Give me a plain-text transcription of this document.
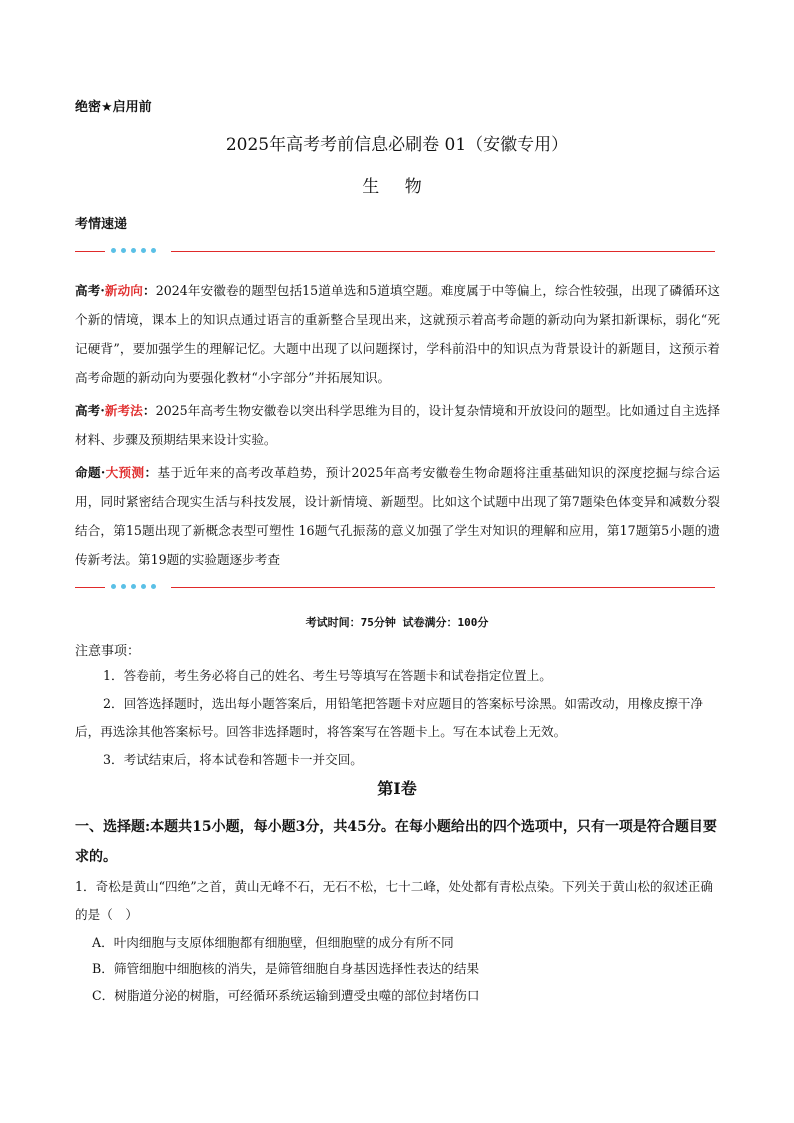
绝密★启用前
2025年高考考前信息必刷卷 01（安徽专用）
生 物
考情速递
高考·新动向：2024年安徽卷的题型包括15道单选和5道填空题。难度属于中等偏上，综合性较强，出现了磷循环这个新的情境，课本上的知识点通过语言的重新整合呈现出来，这就预示着高考命题的新动向为紧扣新课标，弱化“死记硬背”，要加强学生的理解记忆。大题中出现了以问题探讨，学科前沿中的知识点为背景设计的新题目，这预示着高考命题的新动向为要强化教材“小字部分”并拓展知识。
高考·新考法：2025年高考生物安徽卷以突出科学思维为目的，设计复杂情境和开放设问的题型。比如通过自主选择材料、步骤及预期结果来设计实验。
命题·大预测：基于近年来的高考改革趋势，预计2025年高考安徽卷生物命题将注重基础知识的深度挖掘与综合运用，同时紧密结合现实生活与科技发展，设计新情境、新题型。比如这个试题中出现了第7题染色体变异和减数分裂结合，第15题出现了新概念表型可塑性 16题气孔振荡的意义加强了学生对知识的理解和应用，第17题第5小题的遗传新考法。第19题的实验题逐步考查
考试时间：75分钟 试卷满分：100分
注意事项：
1．答卷前，考生务必将自己的姓名、考生号等填写在答题卡和试卷指定位置上。
2．回答选择题时，选出每小题答案后，用铅笔把答题卡对应题目的答案标号涂黑。如需改动，用橡皮擦干净后，再选涂其他答案标号。回答非选择题时，将答案写在答题卡上。写在本试卷上无效。
3．考试结束后，将本试卷和答题卡一并交回。
第Ⅰ卷
一、选择题:本题共15小题，每小题3分，共45分。在每小题给出的四个选项中，只有一项是符合题目要求的。
1．奇松是黄山“四绝”之首，黄山无峰不石，无石不松，七十二峰，处处都有青松点染。下列关于黄山松的叙述正确的是（　）
A．叶肉细胞与支原体细胞都有细胞壁，但细胞壁的成分有所不同
B．筛管细胞中细胞核的消失，是筛管细胞自身基因选择性表达的结果
C．树脂道分泌的树脂，可经循环系统运输到遭受虫噬的部位封堵伤口
